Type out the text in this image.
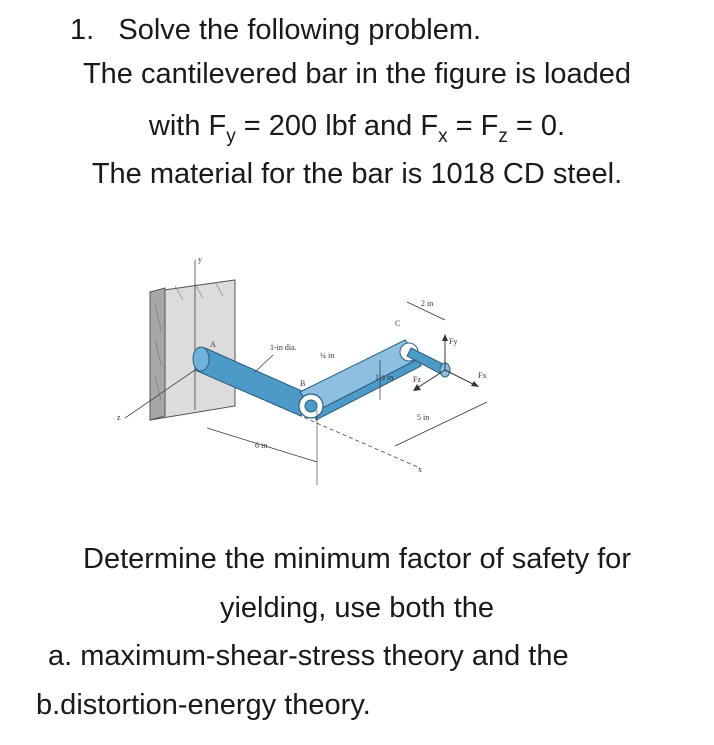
1. Solve the following problem.
The cantilevered bar in the figure is loaded
with $F_y = 200$ lbf and $F_x = F_z = 0$.
The material for the bar is 1018 CD steel.
y
z
x
Fy
Fx
Fz
A
B
C
1-in dia.
¼ in
1½ in
2 in
5 in
6 in
Determine the minimum factor of safety for
yielding, use both the
a. maximum-shear-stress theory and the
b.distortion-energy theory.
